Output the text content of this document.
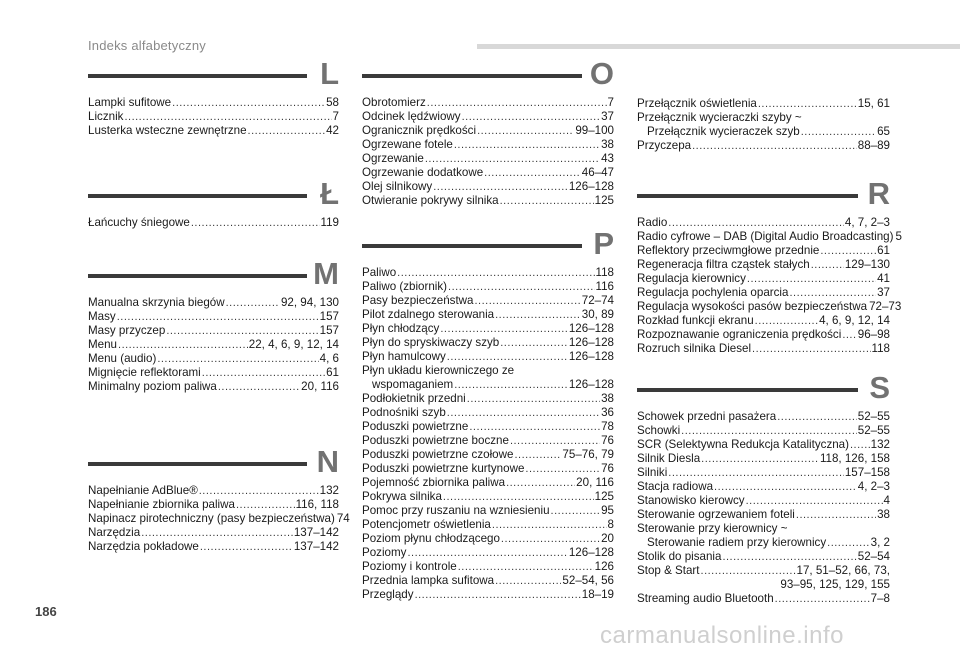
Indeks alfabetyczny
L
Lampki sufitowe .....	58
Licznik .....	7
Lusterka wsteczne zewnętrzne .....	42
Ł
Łańcuchy śniegowe .....	119
M
Manualna skrzynia biegów .....	92, 94, 130
Masy .....	157
Masy przyczep .....	157
Menu .....	22, 4, 6, 9, 12, 14
Menu (audio) .....	4, 6
Mignięcie reflektorami .....	61
Minimalny poziom paliwa .....	20, 116
N
Napełnianie AdBlue® .....	132
Napełnianie zbiornika paliwa .....	116, 118
Napinacz pirotechniczny (pasy bezpieczeństwa) 74
Narzędzia .....	137–142
Narzędzia pokładowe .....	137–142
O
Obrotomierz .....	7
Odcinek lędźwiowy .....	37
Ogranicznik prędkości .....	99–100
Ogrzewane fotele .....	38
Ogrzewanie .....	43
Ogrzewanie dodatkowe .....	46–47
Olej silnikowy .....	126–128
Otwieranie pokrywy silnika .....	125
P
Paliwo .....	118
Paliwo (zbiornik) .....	116
Pasy bezpieczeństwa .....	72–74
Pilot zdalnego sterowania .....	30, 89
Płyn chłodzący .....	126–128
Płyn do spryskiwaczy szyb .....	126–128
Płyn hamulcowy .....	126–128
Płyn układu kierowniczego ze
wspomaganiem .....	126–128
Podłokietnik przedni .....	38
Podnośniki szyb .....	36
Poduszki powietrzne .....	78
Poduszki powietrzne boczne .....	76
Poduszki powietrzne czołowe .....	75–76, 79
Poduszki powietrzne kurtynowe .....	76
Pojemność zbiornika paliwa .....	20, 116
Pokrywa silnika .....	125
Pomoc przy ruszaniu na wzniesieniu .....	95
Potencjometr oświetlenia .....	8
Poziom płynu chłodzącego .....	20
Poziomy .....	126–128
Poziomy i kontrole .....	126
Przednia lampka sufitowa .....	52–54, 56
Przeglądy .....	18–19
Przełącznik oświetlenia .....	15, 61
Przełącznik wycieraczki szyby ~
Przełącznik wycieraczek szyb .....	65
Przyczepa .....	88–89
R
Radio .....	4, 7, 2–3
Radio cyfrowe – DAB (Digital Audio Broadcasting) 5
Reflektory przeciwmgłowe przednie .....	61
Regeneracja filtra cząstek stałych .....	129–130
Regulacja kierownicy .....	41
Regulacja pochylenia oparcia .....	37
Regulacja wysokości pasów bezpieczeństwa 72–73
Rozkład funkcji ekranu .....	4, 6, 9, 12, 14
Rozpoznawanie ograniczenia prędkości ..... 96–98
Rozruch silnika Diesel .....	118
S
Schowek przedni pasażera .....	52–55
Schowki .....	52–55
SCR (Selektywna Redukcja Katalityczna) ..... 132
Silnik Diesla .....	118, 126, 158
Silniki .....	157–158
Stacja radiowa .....	4, 2–3
Stanowisko kierowcy .....	4
Sterowanie ogrzewaniem foteli .....	38
Sterowanie przy kierownicy ~
Sterowanie radiem przy kierownicy .....	3, 2
Stolik do pisania .....	52–54
Stop & Start .....	17, 51–52, 66, 73,
93–95, 125, 129, 155
Streaming audio Bluetooth .....	7–8
186
carmanualsonline.info
